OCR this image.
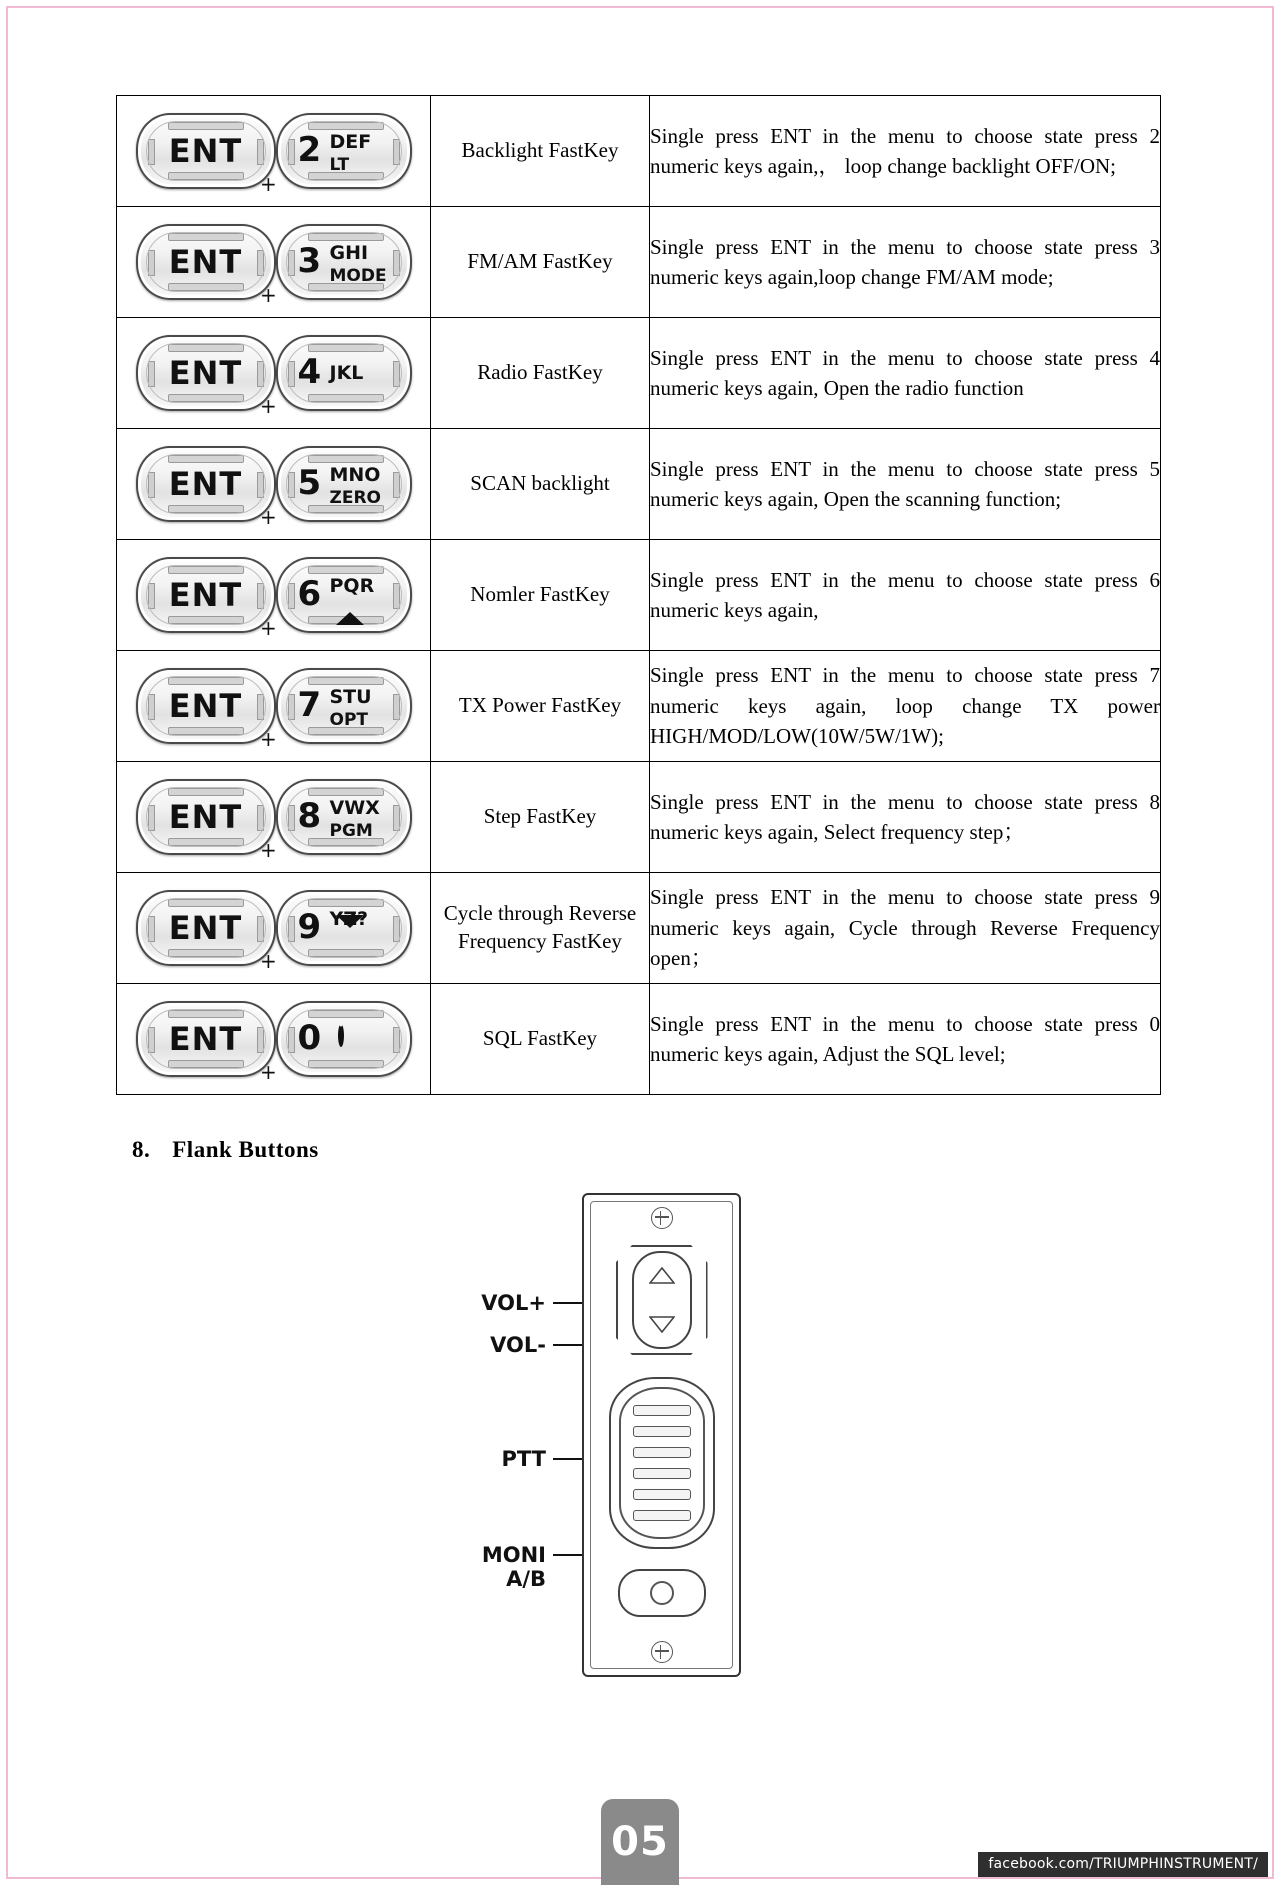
ENT
+
2 DEF
LT	Backlight FastKey	Single press ENT in the menu to choose state press 2 numeric keys again,， loop change backlight OFF/ON;

ENT
+
3 GHI
MODE	FM/AM FastKey	Single press ENT in the menu to choose state press 3 numeric keys again,loop change FM/AM mode;

ENT
+
4 JKL	Radio FastKey	Single press ENT in the menu to choose state press 4 numeric keys again, Open the radio function

ENT
+
5 MNO
ZERO	SCAN backlight	Single press ENT in the menu to choose state press 5 numeric keys again, Open the scanning function;

ENT
+
6 PQR	Nomler FastKey	Single press ENT in the menu to choose state press 6 numeric keys again,

ENT
+
7 STU
OPT	TX Power FastKey	Single press ENT in the menu to choose state press 7 numeric keys again, loop change TX power HIGH/MOD/LOW(10W/5W/1W);

ENT
+
8 VWX
PGM	Step FastKey	Single press ENT in the menu to choose state press 8 numeric keys again, Select frequency step；

ENT
+
9 YZ?	Cycle through Reverse Frequency FastKey	Single press ENT in the menu to choose state press 9 numeric keys again, Cycle through Reverse Frequency open；

ENT
+
0	SQL FastKey	Single press ENT in the menu to choose state press 0 numeric keys again, Adjust the SQL level;

8. Flank Buttons
VOL+
VOL-
PTT
MONI
A/B
05	facebook.com/TRIUMPHINSTRUMENT/
